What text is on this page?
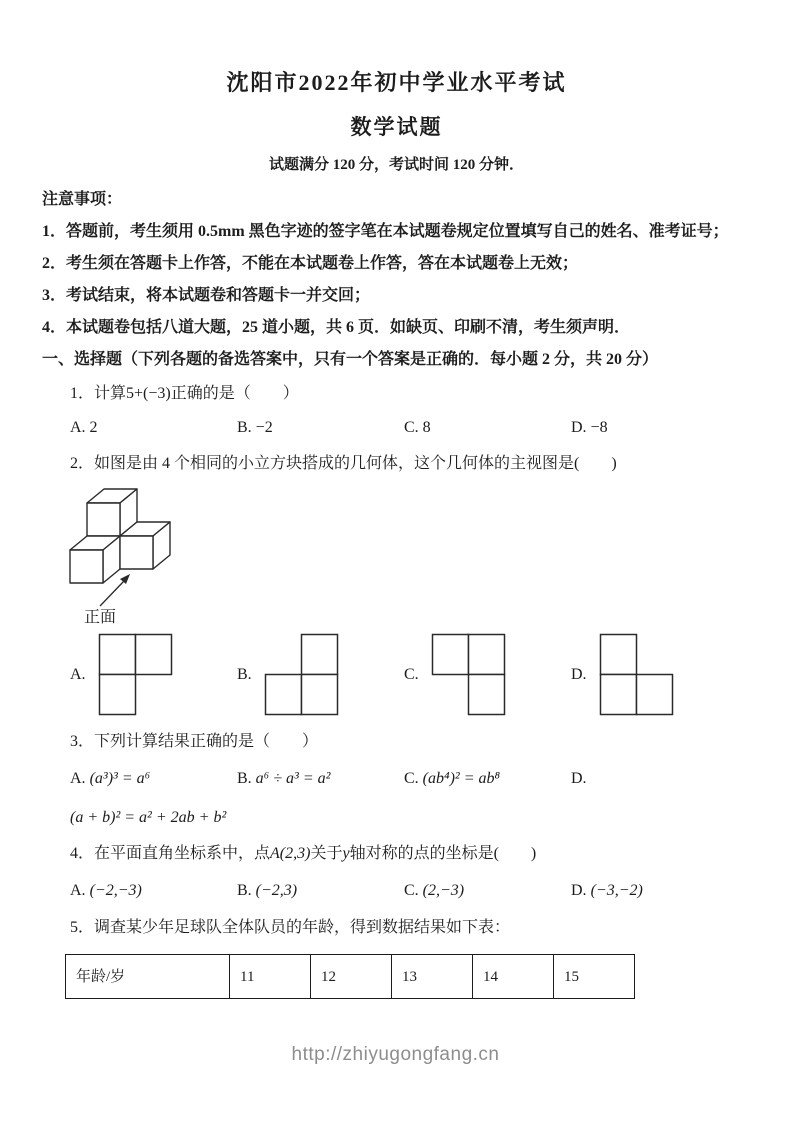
沈阳市2022年初中学业水平考试
数学试题

试题满分 120 分，考试时间 120 分钟．

注意事项：

1．答题前，考生须用 0.5mm 黑色字迹的签字笔在本试题卷规定位置填写自己的姓名、准考证号；

2．考生须在答题卡上作答，不能在本试题卷上作答，答在本试题卷上无效；

3．考试结束，将本试题卷和答题卡一并交回；

4．本试题卷包括八道大题，25 道小题，共 6 页．如缺页、印刷不清，考生须声明．

一、选择题（下列各题的备选答案中，只有一个答案是正确的．每小题 2 分，共 20 分）

1．计算5+(−3)正确的是（　　）

A. 2	B. −2	C. 8	D. −8

2．如图是由 4 个相同的小立方块搭成的几何体，这个几何体的主视图是(　　)

正面
A.	B.	C.	D.

3．下列计算结果正确的是（　　）

A. (a³)³ = a⁶	B. a⁶ ÷ a³ = a²	C. (ab⁴)² = ab⁸	D.

(a + b)² = a² + 2ab + b²

4．在平面直角坐标系中，点A(2,3)关于y轴对称的点的坐标是(　　)

A. (−2,−3)	B. (−2,3)	C. (2,−3)	D. (−3,−2)

5．调查某少年足球队全体队员的年龄，得到数据结果如下表：

年龄/岁	11	12	13	14	15

http://zhiyugongfang.cn
